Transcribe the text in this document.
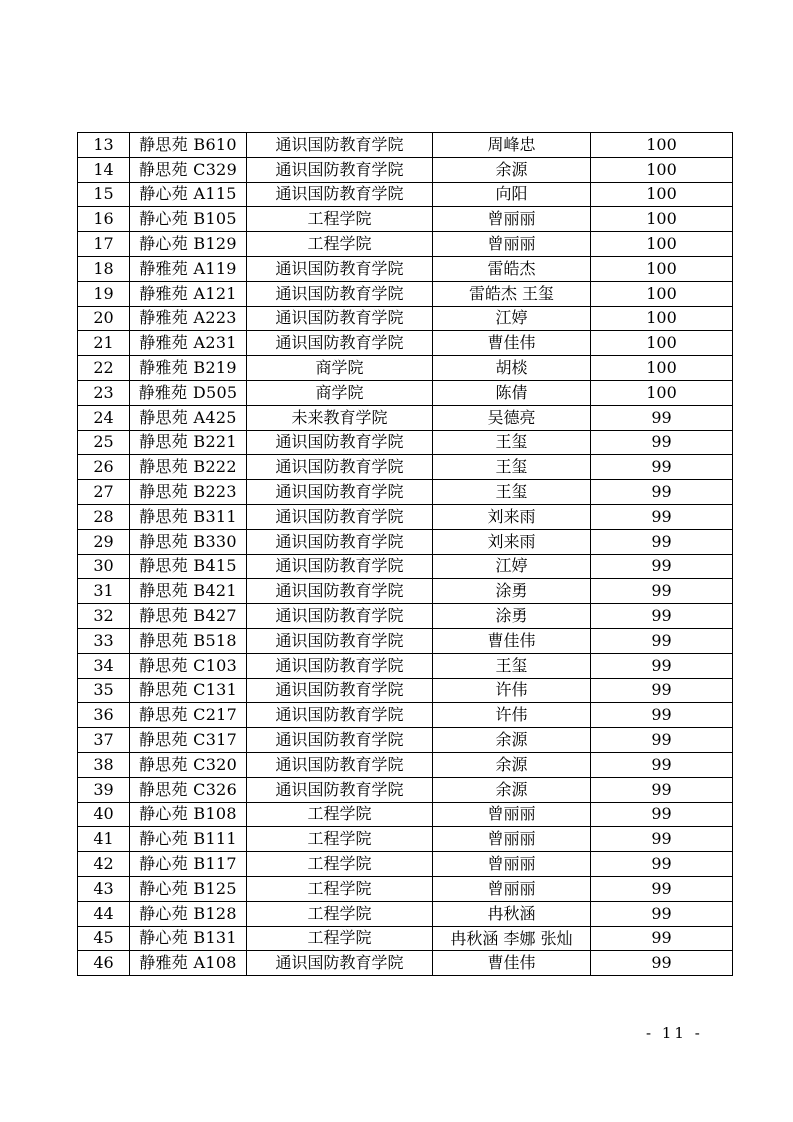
13	静思苑 B610	通识国防教育学院	周峰忠	100
14	静思苑 C329	通识国防教育学院	余源	100
15	静心苑 A115	通识国防教育学院	向阳	100
16	静心苑 B105	工程学院	曾丽丽	100
17	静心苑 B129	工程学院	曾丽丽	100
18	静雅苑 A119	通识国防教育学院	雷皓杰	100
19	静雅苑 A121	通识国防教育学院	雷皓杰 王玺	100
20	静雅苑 A223	通识国防教育学院	江婷	100
21	静雅苑 A231	通识国防教育学院	曹佳伟	100
22	静雅苑 B219	商学院	胡棪	100
23	静雅苑 D505	商学院	陈倩	100
24	静思苑 A425	未来教育学院	吴德亮	99
25	静思苑 B221	通识国防教育学院	王玺	99
26	静思苑 B222	通识国防教育学院	王玺	99
27	静思苑 B223	通识国防教育学院	王玺	99
28	静思苑 B311	通识国防教育学院	刘来雨	99
29	静思苑 B330	通识国防教育学院	刘来雨	99
30	静思苑 B415	通识国防教育学院	江婷	99
31	静思苑 B421	通识国防教育学院	涂勇	99
32	静思苑 B427	通识国防教育学院	涂勇	99
33	静思苑 B518	通识国防教育学院	曹佳伟	99
34	静思苑 C103	通识国防教育学院	王玺	99
35	静思苑 C131	通识国防教育学院	许伟	99
36	静思苑 C217	通识国防教育学院	许伟	99
37	静思苑 C317	通识国防教育学院	余源	99
38	静思苑 C320	通识国防教育学院	余源	99
39	静思苑 C326	通识国防教育学院	余源	99
40	静心苑 B108	工程学院	曾丽丽	99
41	静心苑 B111	工程学院	曾丽丽	99
42	静心苑 B117	工程学院	曾丽丽	99
43	静心苑 B125	工程学院	曾丽丽	99
44	静心苑 B128	工程学院	冉秋涵	99
45	静心苑 B131	工程学院	冉秋涵 李娜 张灿	99
46	静雅苑 A108	通识国防教育学院	曹佳伟	99
- 11 -
